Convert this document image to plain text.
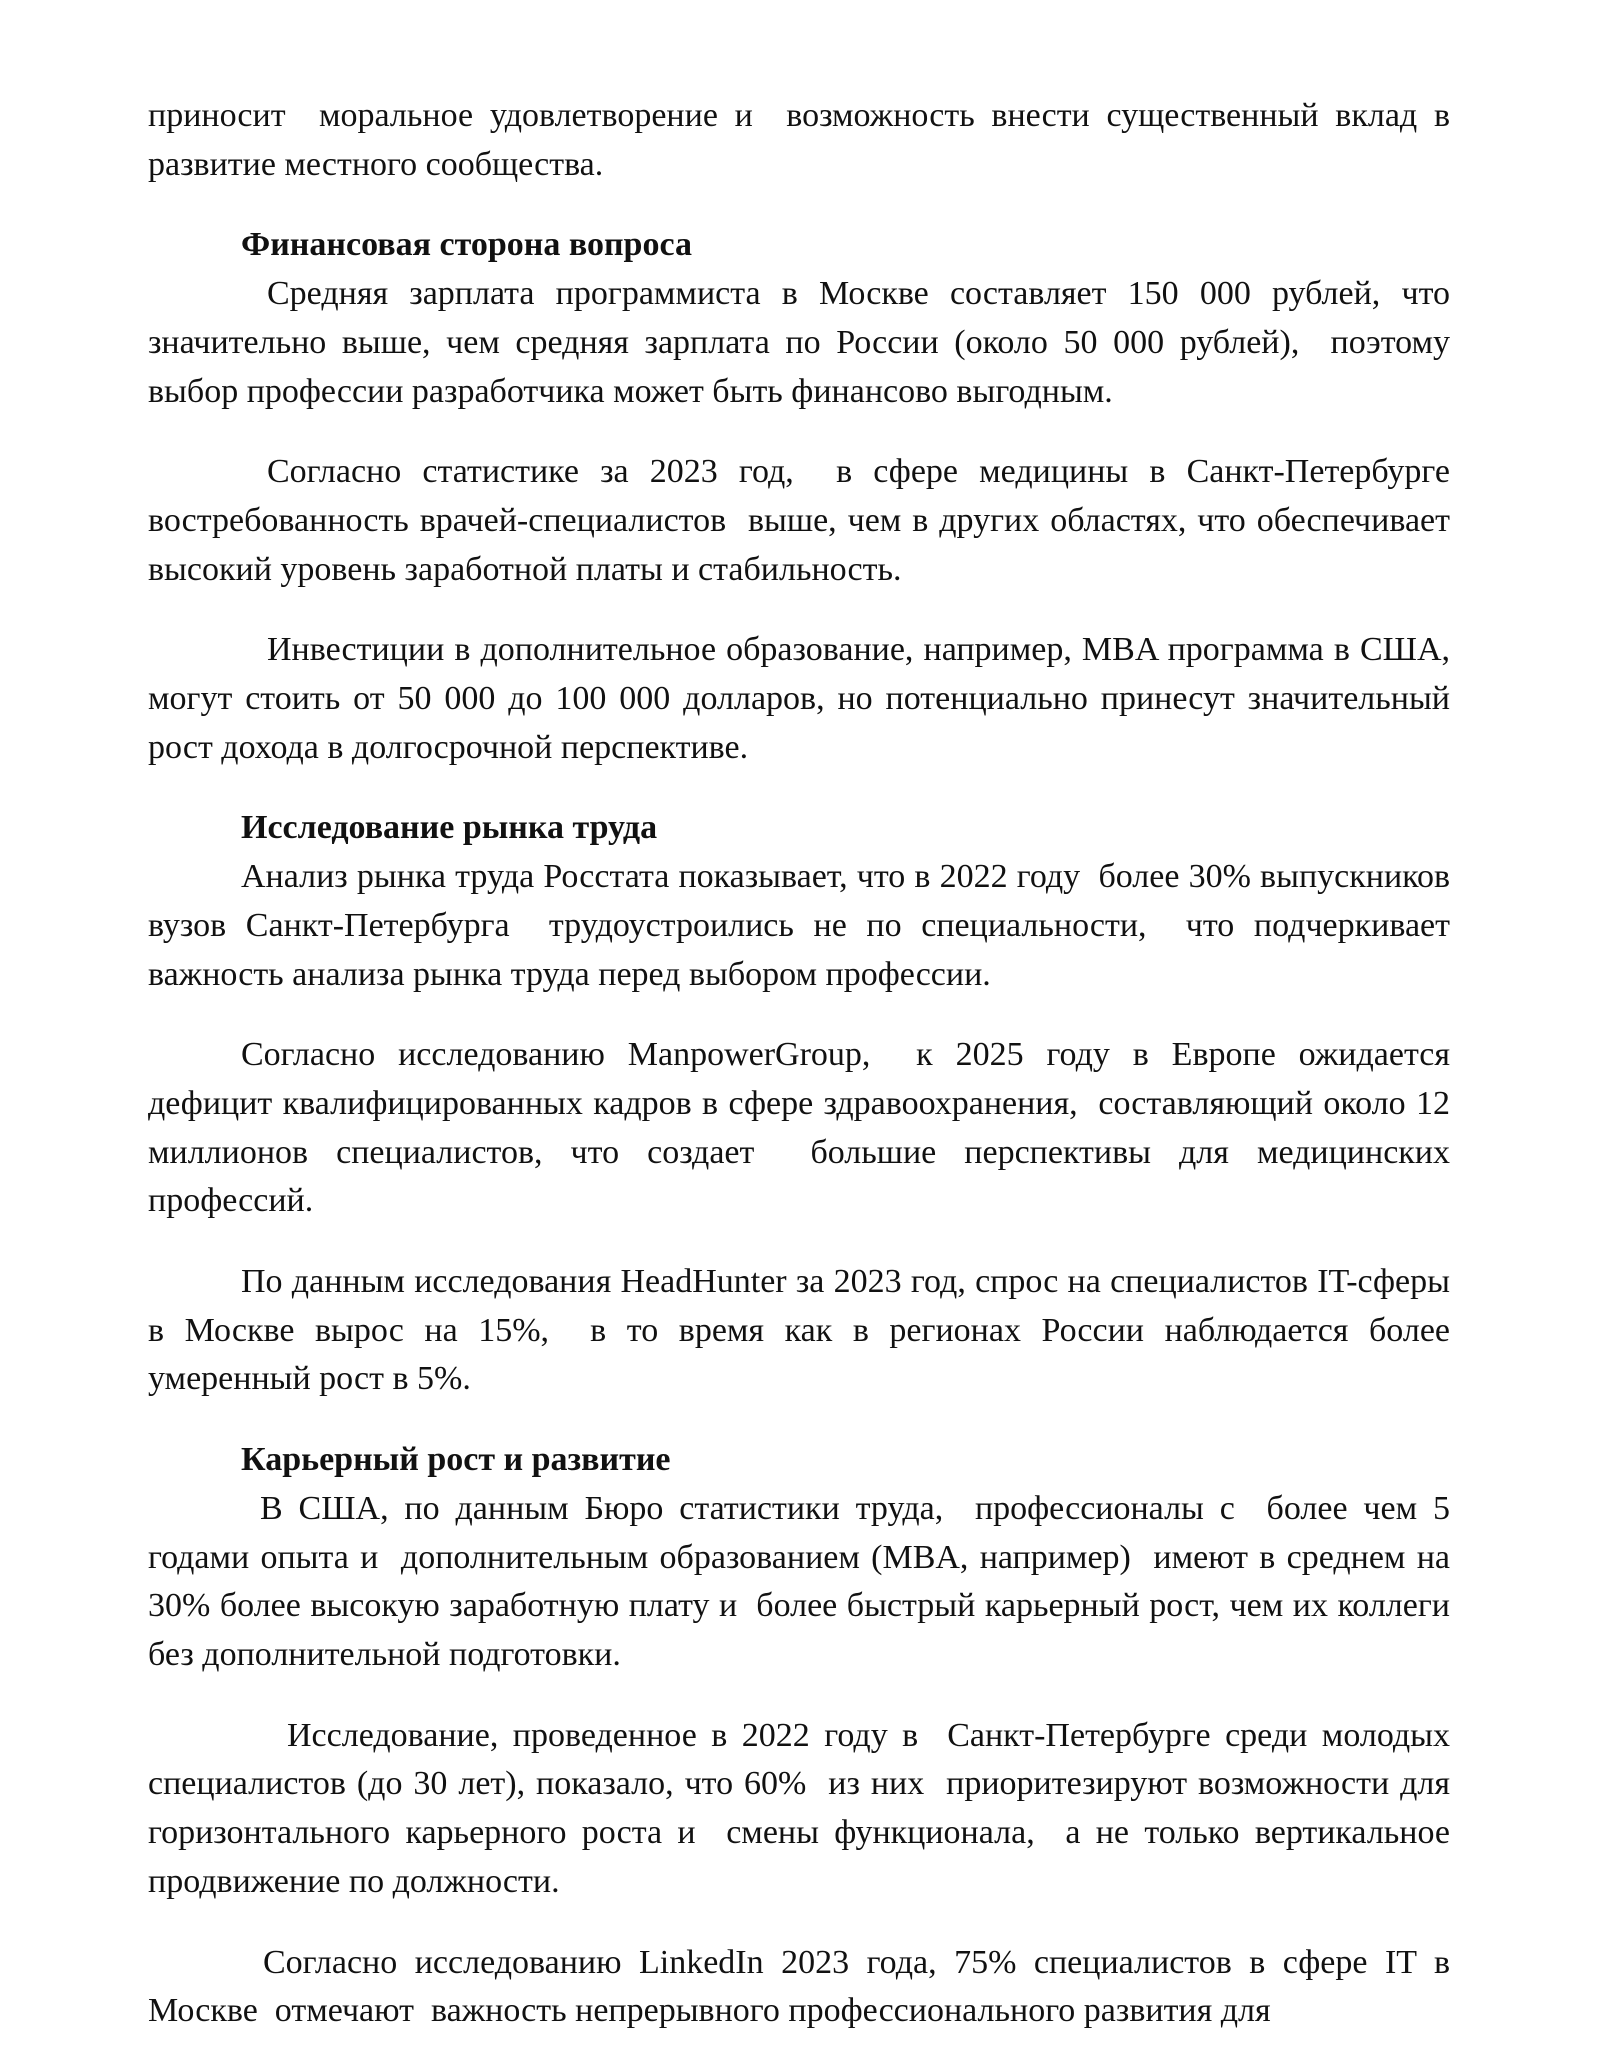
приносит  моральное удовлетворение и  возможность внести существенный вклад в развитие местного сообщества.

Финансовая сторона вопроса

Средняя зарплата программиста в Москве составляет 150 000 рублей, что значительно выше, чем средняя зарплата по России (около 50 000 рублей),  поэтому выбор профессии разработчика может быть финансово выгодным.

Согласно статистике за 2023 год,  в сфере медицины в Санкт-Петербурге востребованность врачей-специалистов  выше, чем в других областях, что обеспечивает  высокий уровень заработной платы и стабильность.

Инвестиции в дополнительное образование, например, MBA программа в США, могут стоить от 50 000 до 100 000 долларов, но потенциально принесут значительный рост дохода в долгосрочной перспективе.

Исследование рынка труда

Анализ рынка труда Росстата показывает, что в 2022 году  более 30% выпускников вузов Санкт-Петербурга  трудоустроились не по специальности,  что подчеркивает важность анализа рынка труда перед выбором профессии.

Согласно исследованию ManpowerGroup,  к 2025 году в Европе ожидается дефицит квалифицированных кадров в сфере здравоохранения,  составляющий около 12 миллионов специалистов, что создает  большие перспективы для медицинских профессий.

По данным исследования HeadHunter за 2023 год, спрос на специалистов IT-сферы в Москве вырос на 15%,  в то время как в регионах России наблюдается более умеренный рост в 5%.

Карьерный рост и развитие

В США, по данным Бюро статистики труда,  профессионалы с  более чем 5 годами опыта и  дополнительным образованием (MBA, например)  имеют в среднем на 30% более высокую заработную плату и  более быстрый карьерный рост, чем их коллеги без дополнительной подготовки.

Исследование, проведенное в 2022 году в  Санкт-Петербурге среди молодых специалистов (до 30 лет), показало, что 60%  из них  приоритезируют возможности для  горизонтального карьерного роста и  смены функционала,  а не только вертикальное продвижение по должности.

Согласно исследованию LinkedIn 2023 года, 75% специалистов в сфере IT в Москве  отмечают  важность непрерывного профессионального развития для
